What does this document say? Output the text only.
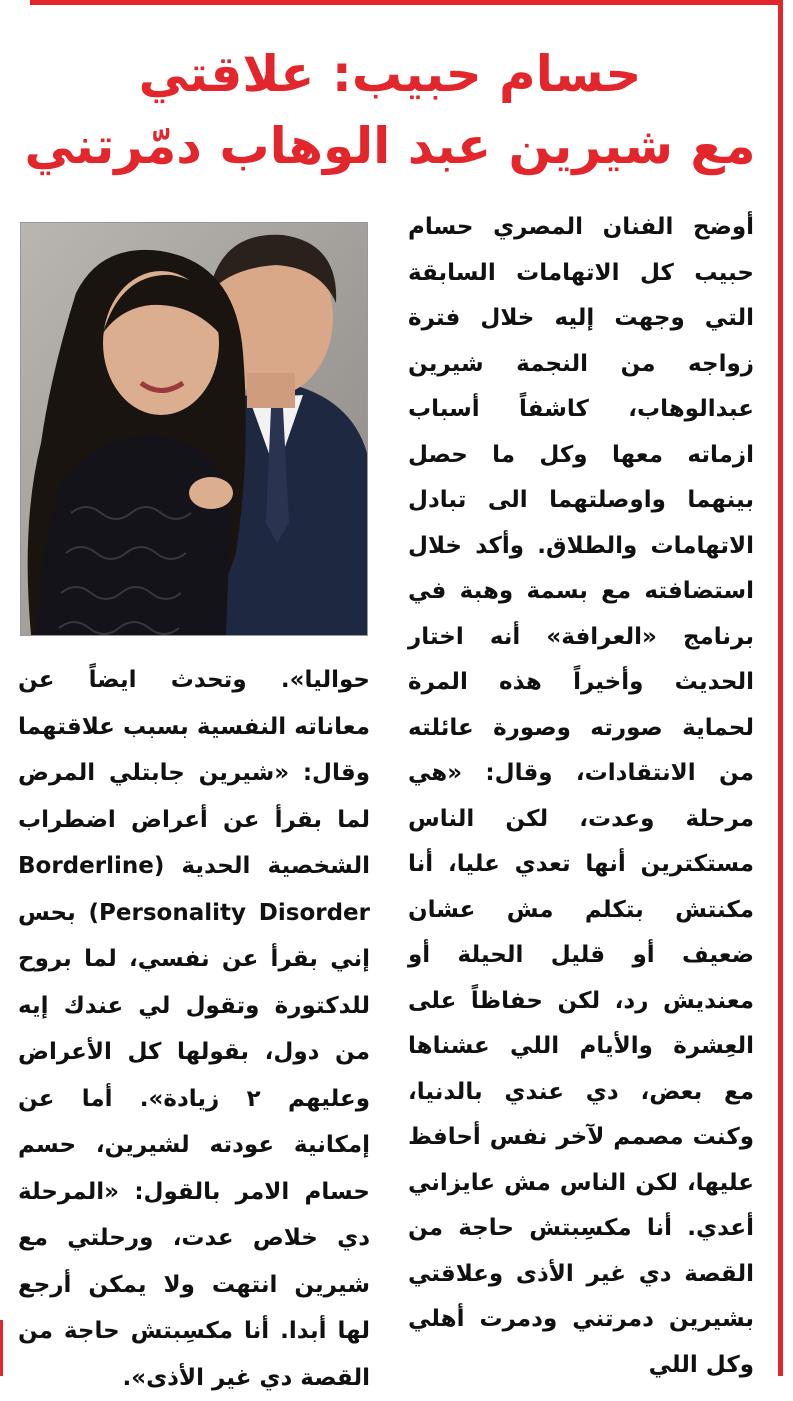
حسام حبيب: علاقتي
مع شيرين عبد الوهاب دمّرتني

أوضح الفنان المصري حسام حبيب كل الاتهامات السابقة التي وجهت إليه خلال فترة زواجه من النجمة شيرين عبدالوهاب، كاشفاً أسباب ازماته معها وكل ما حصل بينهما واوصلتهما الى تبادل الاتهامات والطلاق. وأكد خلال استضافته مع بسمة وهبة في برنامج «العرافة» أنه اختار الحديث وأخيراً هذه المرة لحماية صورته وصورة عائلته من الانتقادات، وقال: «هي مرحلة وعدت، لكن الناس مستكترين أنها تعدي عليا، أنا مكنتش بتكلم مش عشان ضعيف أو قليل الحيلة أو معنديش رد، لكن حفاظاً على العِشرة والأيام اللي عشناها مع بعض، دي عندي بالدنيا، وكنت مصمم لآخر نفس أحافظ عليها، لكن الناس مش عايزاني أعدي. أنا مكسِبتش حاجة من القصة دي غير الأذى وعلاقتي بشيرين دمرتني ودمرت أهلي وكل اللي

حواليا». وتحدث ايضاً عن معاناته النفسية بسبب علاقتهما وقال: «شيرين جابتلي المرض لما بقرأ عن أعراض اضطراب الشخصية الحدية (Borderline Personality Disorder) بحس إني بقرأ عن نفسي، لما بروح للدكتورة وتقول لي عندك إيه من دول، بقولها كل الأعراض وعليهم ٢ زيادة». أما عن إمكانية عودته لشيرين، حسم حسام الامر بالقول: «المرحلة دي خلاص عدت، ورحلتي مع شيرين انتهت ولا يمكن أرجع لها أبدا. أنا مكسِبتش حاجة من القصة دي غير الأذى».
